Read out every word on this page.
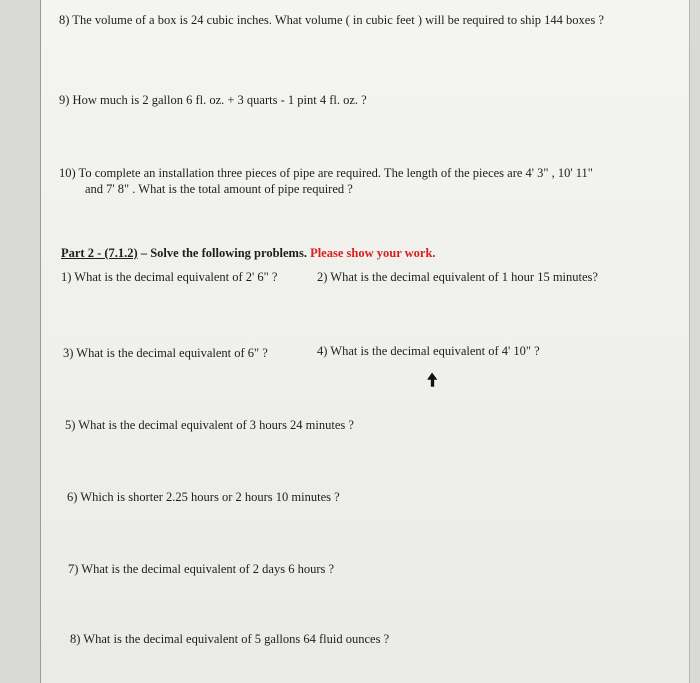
8) The volume of a box is 24 cubic inches. What volume ( in cubic feet ) will be required to ship 144 boxes ?
9) How much is 2 gallon 6 fl. oz. + 3 quarts - 1 pint 4 fl. oz. ?
10) To complete an installation three pieces of pipe are required. The length of the pieces are 4' 3" , 10' 11"
and 7' 8" . What is the total amount of pipe required ?
Part 2 - (7.1.2) – Solve the following problems. Please show your work.
1) What is the decimal equivalent of 2' 6" ?	2) What is the decimal equivalent of 1 hour 15 minutes?
3) What is the decimal equivalent of 6" ?	4) What is the decimal equivalent of 4' 10" ?
5) What is the decimal equivalent of 3 hours 24 minutes ?
6) Which is shorter 2.25 hours or 2 hours 10 minutes ?
7) What is the decimal equivalent of 2 days 6 hours ?
8) What is the decimal equivalent of 5 gallons 64 fluid ounces ?
